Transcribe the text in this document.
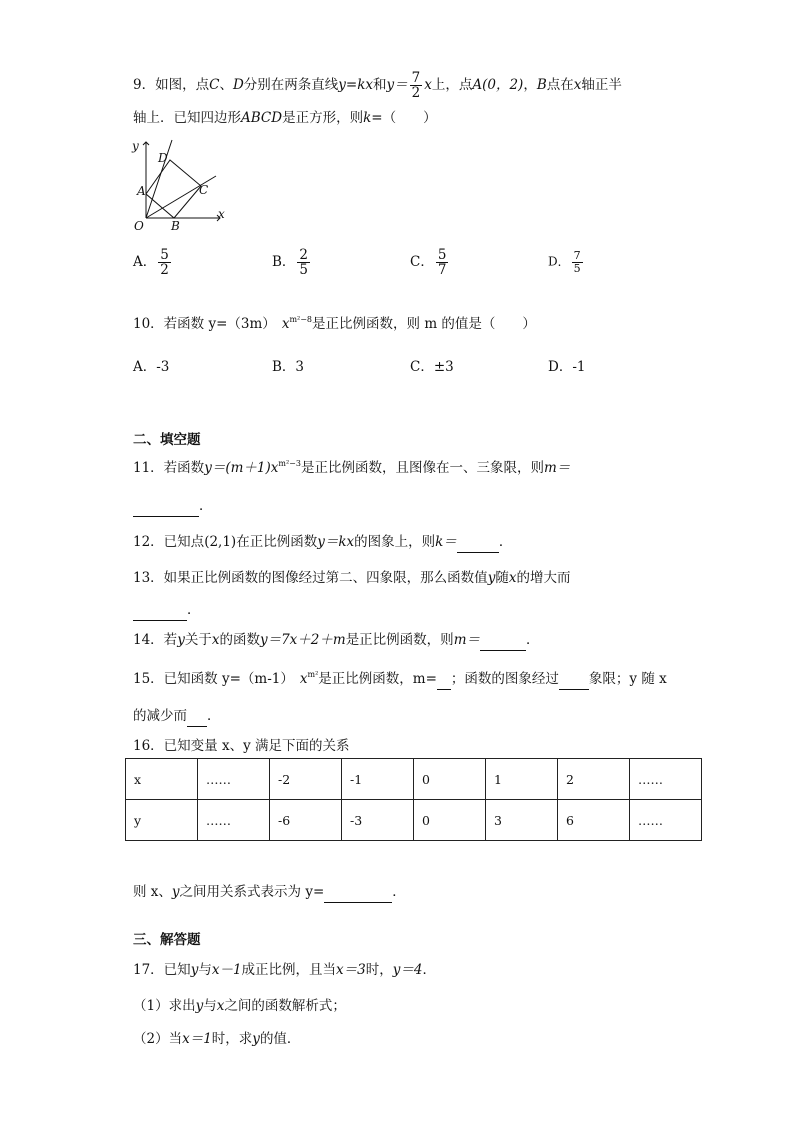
9．如图，点C、D分别在两条直线y=kx和$y= \frac{7}{2}$ x上，点A(0，2)，B点在x轴正半
轴上．已知四边形ABCD是正方形，则k=（　　）
y
x
O
A
B
C
D
A． $\frac{5}{2}$	B． $\frac{2}{5}$	C． $\frac{5}{7}$	D． $\frac{7}{5}$
10．若函数 y=（3m） $x^{m^2-8}$是正比例函数，则 m 的值是（　　）
A．-3	B．3	C．±3	D．-1
二、填空题
11．若函数$y=(m+1)x^{m^2-3}$是正比例函数，且图像在一、三象限，则m＝
．
12．已知点(2,1)在正比例函数y＝kx的图象上，则k＝	．
13．如果正比例函数的图像经过第二、四象限，那么函数值y随x的增大而
．
14．若y关于x的函数y＝7x＋2＋m是正比例函数，则m＝	．
15．已知函数 y=（m-1） $x^{m^2}$是正比例函数，m= ；函数的图象经过 象限；y 随 x
的减少而 ．
16．已知变量 x、y 满足下面的关系
x	……	-2	-1	0	1	2	……
y	……	-6	-3	0	3	6	……
则 x、y之间用关系式表示为 y=	．
三、解答题
17．已知y与x－1成正比例，且当x＝3时，y＝4．
（1）求出y与x之间的函数解析式；
（2）当x＝1时，求y的值．
